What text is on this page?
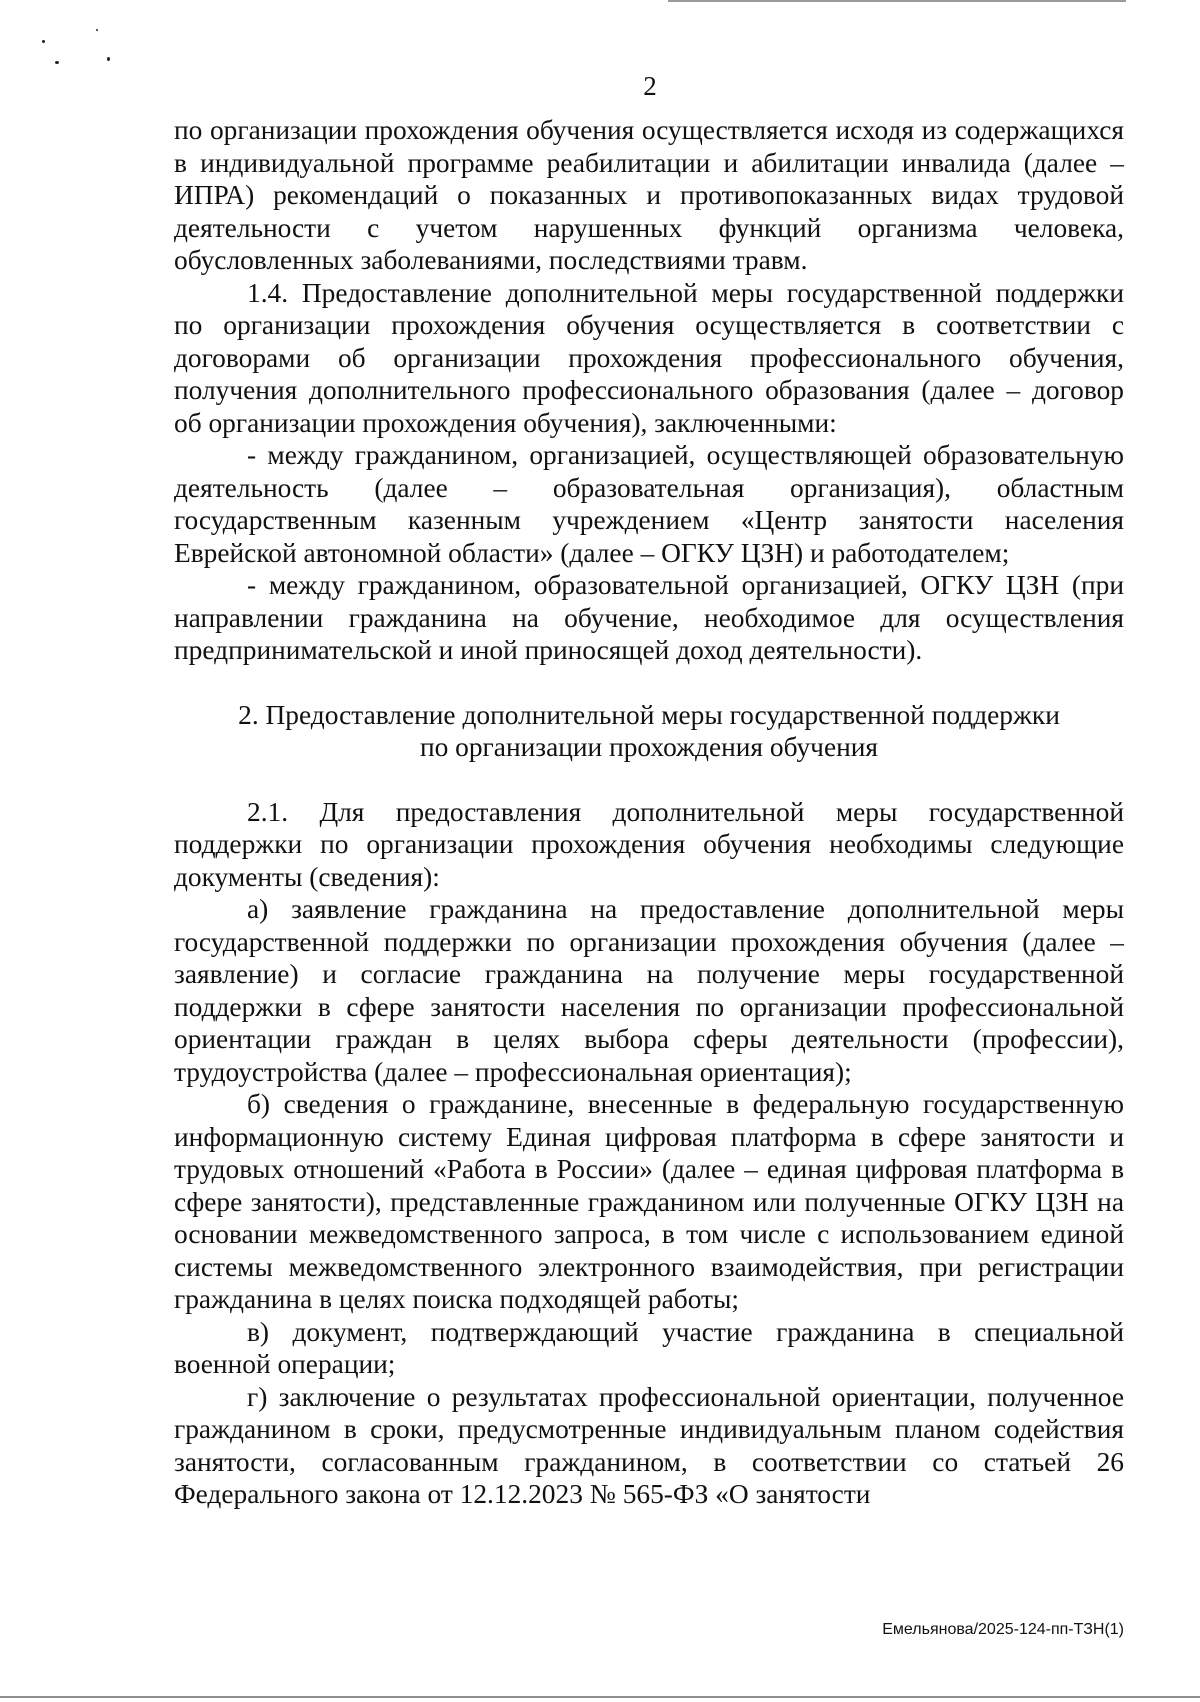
2

по организации прохождения обучения осуществляется исходя из содержащихся в индивидуальной программе реабилитации и абилитации инвалида (далее – ИПРА) рекомендаций о показанных и противопоказанных видах трудовой деятельности с учетом нарушенных функций организма человека, обусловленных заболеваниями, последствиями травм.

1.4. Предоставление дополнительной меры государственной поддержки по организации прохождения обучения осуществляется в соответствии с договорами об организации прохождения профессионального обучения, получения дополнительного профессионального образования (далее – договор об организации прохождения обучения), заключенными:

- между гражданином, организацией, осуществляющей образовательную деятельность (далее – образовательная организация), областным государственным казенным учреждением «Центр занятости населения Еврейской автономной области» (далее – ОГКУ ЦЗН) и работодателем;

- между гражданином, образовательной организацией, ОГКУ ЦЗН (при направлении гражданина на обучение, необходимое для осуществления предпринимательской и иной приносящей доход деятельности).

2. Предоставление дополнительной меры государственной поддержки
по организации прохождения обучения

2.1. Для предоставления дополнительной меры государственной поддержки по организации прохождения обучения необходимы следующие документы (сведения):

а) заявление гражданина на предоставление дополнительной меры государственной поддержки по организации прохождения обучения (далее – заявление) и согласие гражданина на получение меры государственной поддержки в сфере занятости населения по организации профессиональной ориентации граждан в целях выбора сферы деятельности (профессии), трудоустройства (далее – профессиональная ориентация);

б) сведения о гражданине, внесенные в федеральную государственную информационную систему Единая цифровая платформа в сфере занятости и трудовых отношений «Работа в России» (далее – единая цифровая платформа в сфере занятости), представленные гражданином или полученные ОГКУ ЦЗН на основании межведомственного запроса, в том числе с использованием единой системы межведомственного электронного взаимодействия, при регистрации гражданина в целях поиска подходящей работы;

в) документ, подтверждающий участие гражданина в специальной военной операции;

г) заключение о результатах профессиональной ориентации, полученное гражданином в сроки, предусмотренные индивидуальным планом содействия занятости, согласованным гражданином, в соответствии со статьей 26 Федерального закона от 12.12.2023 № 565-ФЗ «О занятости

Емельянова/2025-124-пп-ТЗН(1)
